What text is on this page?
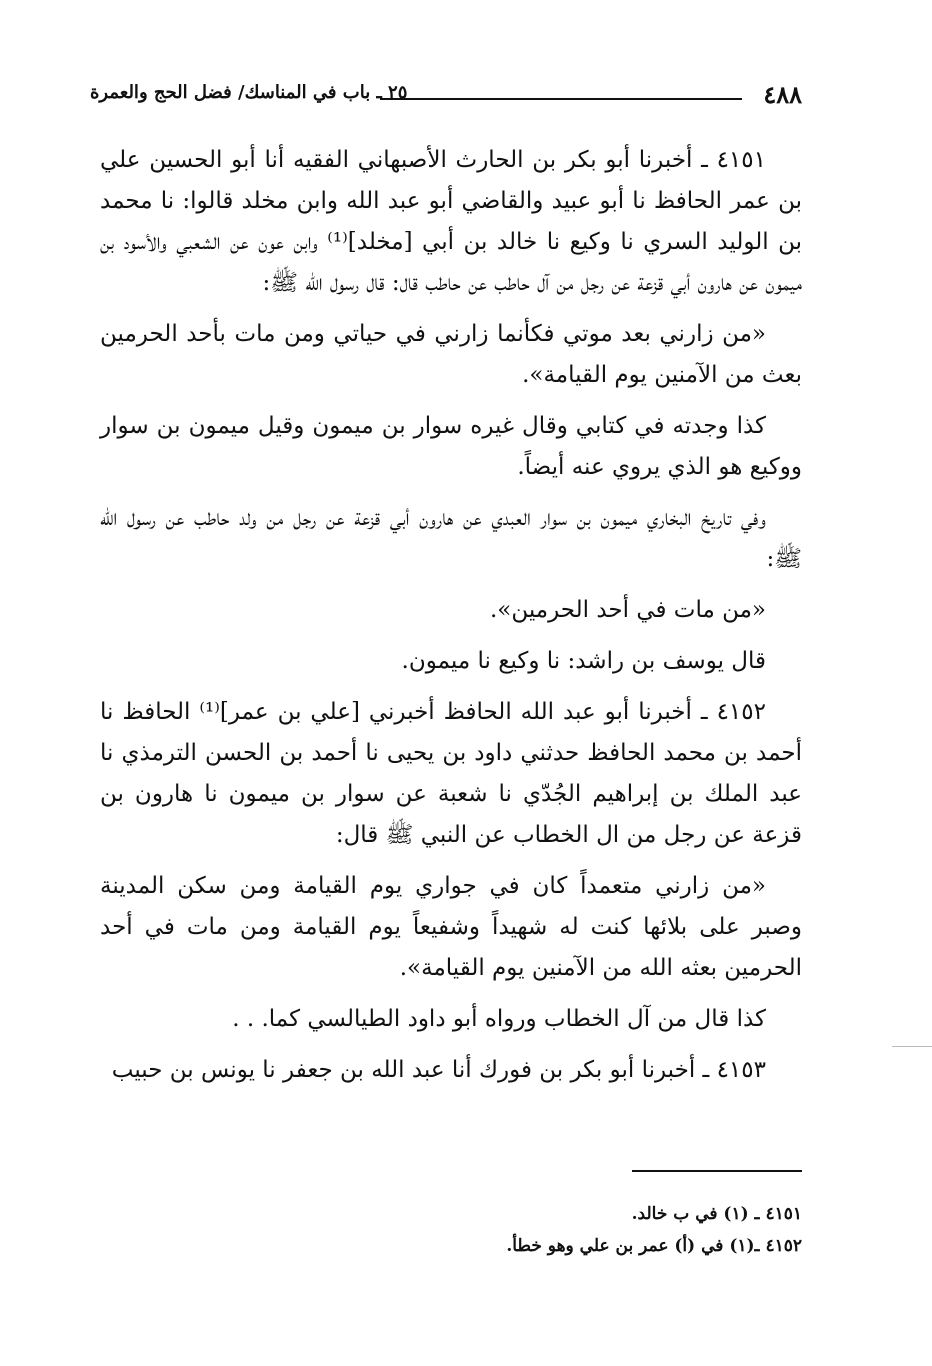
٤٨٨
٢٥ ـ باب في المناسك/ فضل الحج والعمرة

٤١٥١ ـ أخبرنا أبو بكر بن الحارث الأصبهاني الفقيه أنا أبو الحسين علي بن عمر الحافظ نا أبو عبيد والقاضي أبو عبد الله وابن مخلد قالوا: نا محمد بن الوليد السري نا وكيع نا خالد بن أبي [مخلد]⁽¹⁾ وابن عون عن الشعبي والأسود بن ميمون عن هارون أبي قزعة عن رجل من آل حاطب عن حاطب قال: قال رسول الله ﷺ:

«من زارني بعد موتي فكأنما زارني في حياتي ومن مات بأحد الحرمين بعث من الآمنين يوم القيامة».

كذا وجدته في كتابي وقال غيره سوار بن ميمون وقيل ميمون بن سوار ووكيع هو الذي يروي عنه أيضاً.

وفي تاريخ البخاري ميمون بن سوار العبدي عن هارون أبي قزعة عن رجل من ولد حاطب عن رسول الله ﷺ:

«من مات في أحد الحرمين».

قال يوسف بن راشد: نا وكيع نا ميمون.

٤١٥٢ ـ أخبرنا أبو عبد الله الحافظ أخبرني [علي بن عمر]⁽¹⁾ الحافظ نا أحمد بن محمد الحافظ حدثني داود بن يحيى نا أحمد بن الحسن الترمذي نا عبد الملك بن إبراهيم الجُدّي نا شعبة عن سوار بن ميمون نا هارون بن قزعة عن رجل من ال الخطاب عن النبي ﷺ قال:

«من زارني متعمداً كان في جواري يوم القيامة ومن سكن المدينة وصبر على بلائها كنت له شهيداً وشفيعاً يوم القيامة ومن مات في أحد الحرمين بعثه الله من الآمنين يوم القيامة».

كذا قال من آل الخطاب ورواه أبو داود الطيالسي كما. . .

٤١٥٣ ـ أخبرنا أبو بكر بن فورك أنا عبد الله بن جعفر نا يونس بن حبيب

٤١٥١ ـ (١) في ب خالد.
٤١٥٢ ـ(١) في (أ) عمر بن علي وهو خطأ.
